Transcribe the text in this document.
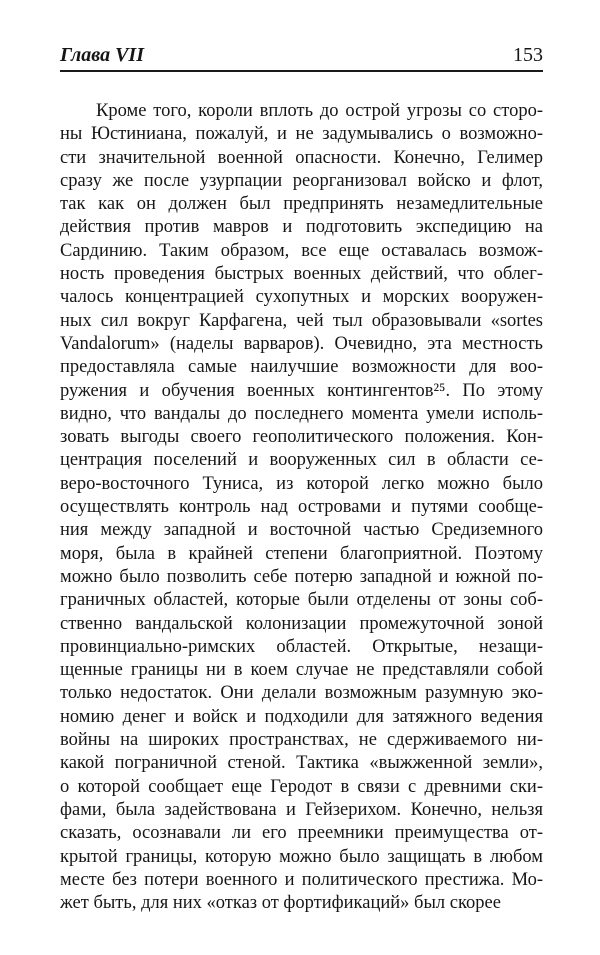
Глава VII	153
Кроме того, короли вплоть до острой угрозы со сторо-
ны Юстиниана, пожалуй, и не задумывались о возможно-
сти значительной военной опасности. Конечно, Гелимер
сразу же после узурпации реорганизовал войско и флот,
так как он должен был предпринять незамедлительные
действия против мавров и подготовить экспедицию на
Сардинию. Таким образом, все еще оставалась возмож-
ность проведения быстрых военных действий, что облег-
чалось концентрацией сухопутных и морских вооружен-
ных сил вокруг Карфагена, чей тыл образовывали «sortes
Vandalorum» (наделы варваров). Очевидно, эта местность
предоставляла самые наилучшие возможности для воо-
ружения и обучения военных контингентов²⁵. По этому
видно, что вандалы до последнего момента умели исполь-
зовать выгоды своего геополитического положения. Кон-
центрация поселений и вооруженных сил в области се-
веро-восточного Туниса, из которой легко можно было
осуществлять контроль над островами и путями сообще-
ния между западной и восточной частью Средиземного
моря, была в крайней степени благоприятной. Поэтому
можно было позволить себе потерю западной и южной по-
граничных областей, которые были отделены от зоны соб-
ственно вандальской колонизации промежуточной зоной
провинциально-римских областей. Открытые, незащи-
щенные границы ни в коем случае не представляли собой
только недостаток. Они делали возможным разумную эко-
номию денег и войск и подходили для затяжного ведения
войны на широких пространствах, не сдерживаемого ни-
какой пограничной стеной. Тактика «выжженной земли»,
о которой сообщает еще Геродот в связи с древними ски-
фами, была задействована и Гейзерихом. Конечно, нельзя
сказать, осознавали ли его преемники преимущества от-
крытой границы, которую можно было защищать в любом
месте без потери военного и политического престижа. Мо-
жет быть, для них «отказ от фортификаций» был скорее
